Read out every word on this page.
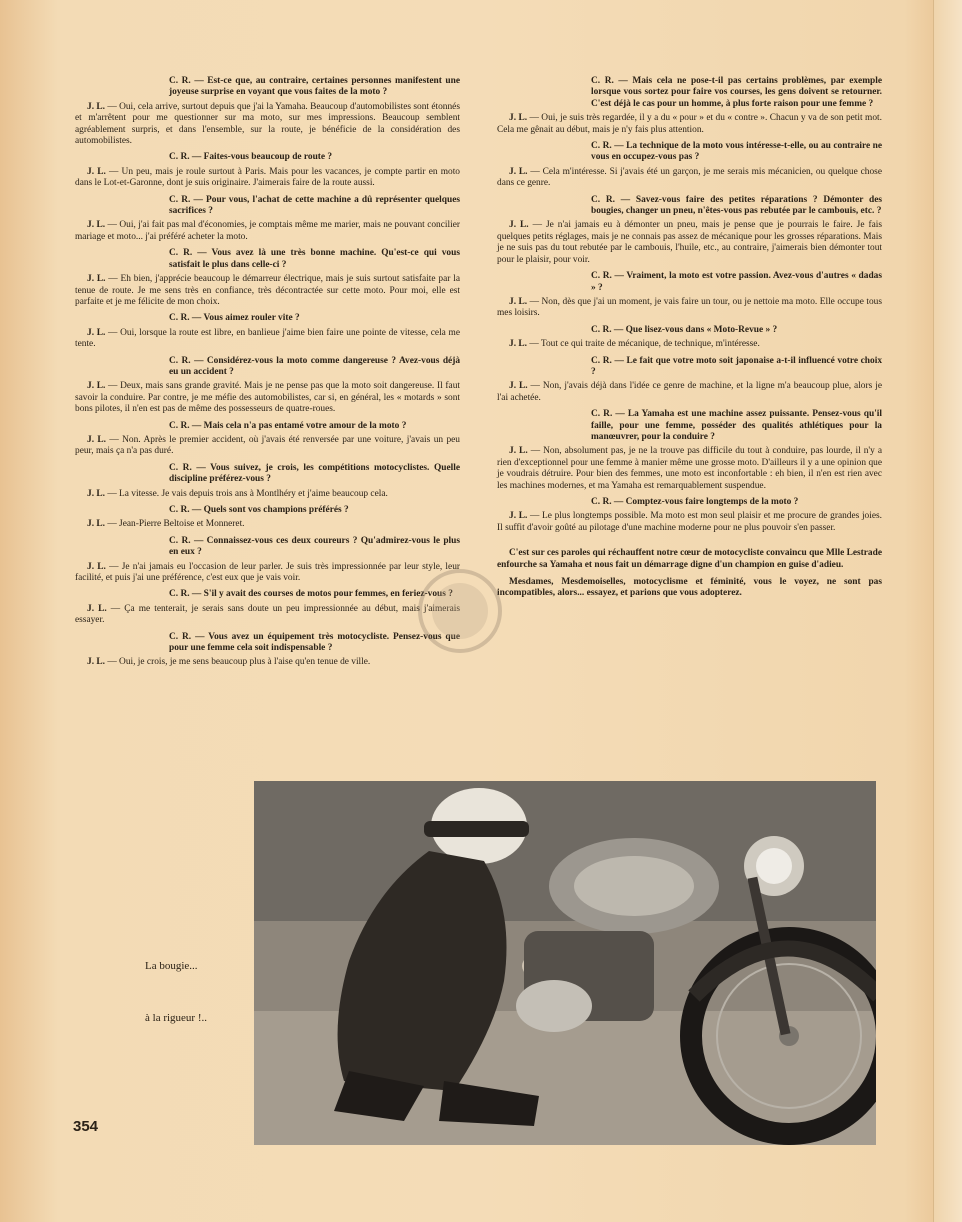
C. R. — Est-ce que, au contraire, certaines personnes manifestent une joyeuse surprise en voyant que vous faites de la moto ?

J. L. — Oui, cela arrive, surtout depuis que j'ai la Yamaha. Beaucoup d'automobilistes sont étonnés et m'arrêtent pour me questionner sur ma moto, sur mes impressions. Beaucoup semblent agréablement surpris, et dans l'ensemble, sur la route, je bénéficie de la considération des automobilistes.

C. R. — Faites-vous beaucoup de route ?

J. L. — Un peu, mais je roule surtout à Paris. Mais pour les vacances, je compte partir en moto dans le Lot-et-Garonne, dont je suis originaire. J'aimerais faire de la route aussi.

C. R. — Pour vous, l'achat de cette machine a dû représenter quelques sacrifices ?

J. L. — Oui, j'ai fait pas mal d'économies, je comptais même me marier, mais ne pouvant concilier mariage et moto... j'ai préféré acheter la moto.

C. R. — Vous avez là une très bonne machine. Qu'est-ce qui vous satisfait le plus dans celle-ci ?

J. L. — Eh bien, j'apprécie beaucoup le démarreur électrique, mais je suis surtout satisfaite par la tenue de route. Je me sens très en confiance, très décontractée sur cette moto. Pour moi, elle est parfaite et je me félicite de mon choix.

C. R. — Vous aimez rouler vite ?

J. L. — Oui, lorsque la route est libre, en banlieue j'aime bien faire une pointe de vitesse, cela me tente.

C. R. — Considérez-vous la moto comme dangereuse ? Avez-vous déjà eu un accident ?

J. L. — Deux, mais sans grande gravité. Mais je ne pense pas que la moto soit dangereuse. Il faut savoir la conduire. Par contre, je me méfie des automobilistes, car si, en général, les « motards » sont bons pilotes, il n'en est pas de même des possesseurs de quatre-roues.

C. R. — Mais cela n'a pas entamé votre amour de la moto ?

J. L. — Non. Après le premier accident, où j'avais été renversée par une voiture, j'avais un peu peur, mais ça n'a pas duré.

C. R. — Vous suivez, je crois, les compétitions motocyclistes. Quelle discipline préférez-vous ?

J. L. — La vitesse. Je vais depuis trois ans à Montlhéry et j'aime beaucoup cela.

C. R. — Quels sont vos champions préférés ?

J. L. — Jean-Pierre Beltoise et Monneret.

C. R. — Connaissez-vous ces deux coureurs ? Qu'admirez-vous le plus en eux ?

J. L. — Je n'ai jamais eu l'occasion de leur parler. Je suis très impressionnée par leur style, leur facilité, et puis j'ai une préférence, c'est eux que je vais voir.

C. R. — S'il y avait des courses de motos pour femmes, en feriez-vous ?

J. L. — Ça me tenterait, je serais sans doute un peu impressionnée au début, mais j'aimerais essayer.

C. R. — Vous avez un équipement très motocycliste. Pensez-vous que pour une femme cela soit indispensable ?

J. L. — Oui, je crois, je me sens beaucoup plus à l'aise qu'en tenue de ville.

C. R. — Mais cela ne pose-t-il pas certains problèmes, par exemple lorsque vous sortez pour faire vos courses, les gens doivent se retourner. C'est déjà le cas pour un homme, à plus forte raison pour une femme ?

J. L. — Oui, je suis très regardée, il y a du « pour » et du « contre ». Chacun y va de son petit mot. Cela me gênait au début, mais je n'y fais plus attention.

C. R. — La technique de la moto vous intéresse-t-elle, ou au contraire ne vous en occupez-vous pas ?

J. L. — Cela m'intéresse. Si j'avais été un garçon, je me serais mis mécanicien, ou quelque chose dans ce genre.

C. R. — Savez-vous faire des petites réparations ? Démonter des bougies, changer un pneu, n'êtes-vous pas rebutée par le cambouis, etc. ?

J. L. — Je n'ai jamais eu à démonter un pneu, mais je pense que je pourrais le faire. Je fais quelques petits réglages, mais je ne connais pas assez de mécanique pour les grosses réparations. Mais je ne suis pas du tout rebutée par le cambouis, l'huile, etc., au contraire, j'aimerais bien démonter tout pour le plaisir, pour voir.

C. R. — Vraiment, la moto est votre passion. Avez-vous d'autres « dadas » ?

J. L. — Non, dès que j'ai un moment, je vais faire un tour, ou je nettoie ma moto. Elle occupe tous mes loisirs.

C. R. — Que lisez-vous dans « Moto-Revue » ?

J. L. — Tout ce qui traite de mécanique, de technique, m'intéresse.

C. R. — Le fait que votre moto soit japonaise a-t-il influencé votre choix ?

J. L. — Non, j'avais déjà dans l'idée ce genre de machine, et la ligne m'a beaucoup plue, alors je l'ai achetée.

C. R. — La Yamaha est une machine assez puissante. Pensez-vous qu'il faille, pour une femme, posséder des qualités athlétiques pour la manœuvrer, pour la conduire ?

J. L. — Non, absolument pas, je ne la trouve pas difficile du tout à conduire, pas lourde, il n'y a rien d'exceptionnel pour une femme à manier même une grosse moto. D'ailleurs il y a une opinion que je voudrais détruire. Pour bien des femmes, une moto est inconfortable : eh bien, il n'en est rien avec les machines modernes, et ma Yamaha est remarquablement suspendue.

C. R. — Comptez-vous faire longtemps de la moto ?

J. L. — Le plus longtemps possible. Ma moto est mon seul plaisir et me procure de grandes joies. Il suffit d'avoir goûté au pilotage d'une machine moderne pour ne plus pouvoir s'en passer.

C'est sur ces paroles qui réchauffent notre cœur de motocycliste convaincu que Mlle Lestrade enfourche sa Yamaha et nous fait un démarrage digne d'un champion en guise d'adieu.

Mesdames, Mesdemoiselles, motocyclisme et féminité, vous le voyez, ne sont pas incompatibles, alors... essayez, et parions que vous adopterez.

La bougie...
à la rigueur !..
354
